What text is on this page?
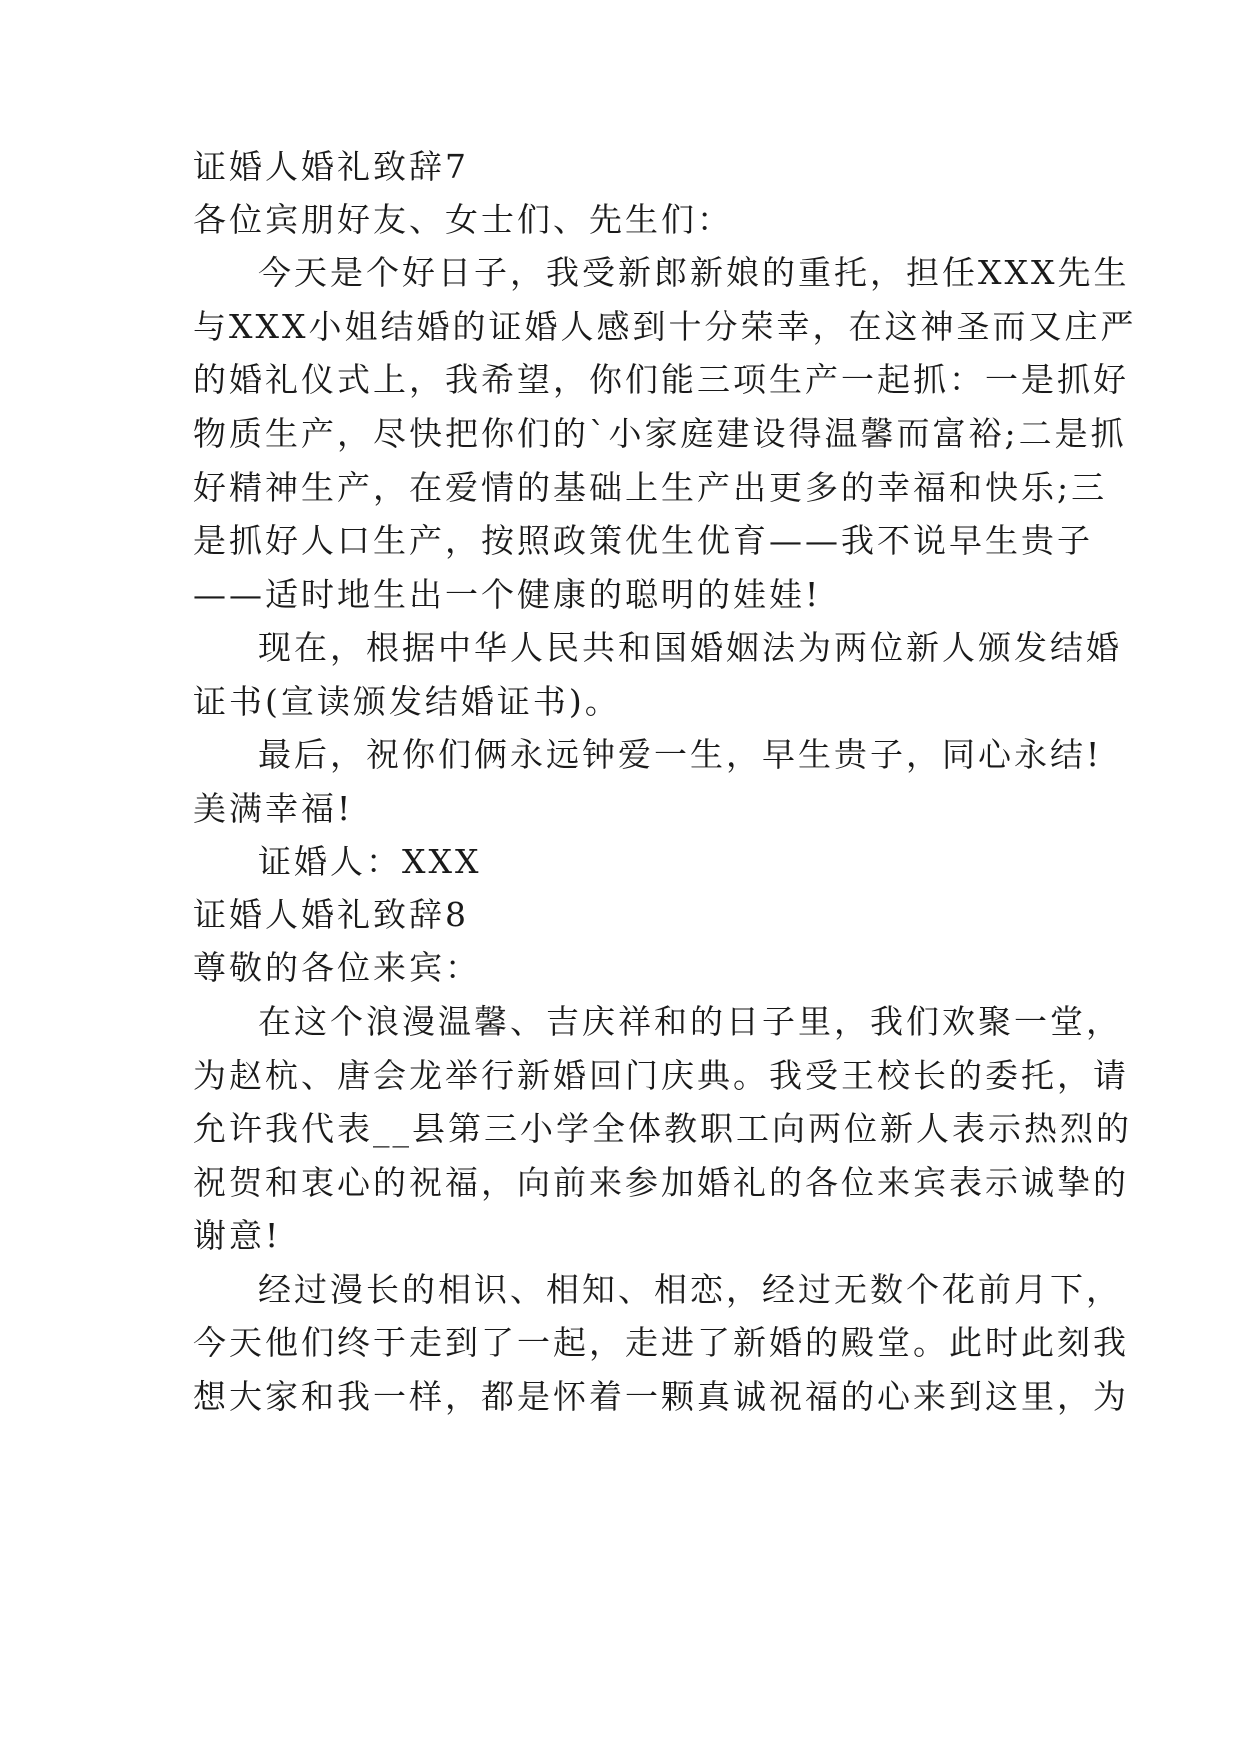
证婚人婚礼致辞7

各位宾朋好友、女士们、先生们：

今天是个好日子，我受新郎新娘的重托，担任XXX先生

与XXX小姐结婚的证婚人感到十分荣幸，在这神圣而又庄严

的婚礼仪式上，我希望，你们能三项生产一起抓：一是抓好

物质生产，尽快把你们的`小家庭建设得温馨而富裕;二是抓

好精神生产，在爱情的基础上生产出更多的幸福和快乐;三

是抓好人口生产，按照政策优生优育——我不说早生贵子

——适时地生出一个健康的聪明的娃娃!

现在，根据中华人民共和国婚姻法为两位新人颁发结婚

证书(宣读颁发结婚证书)。

最后，祝你们俩永远钟爱一生，早生贵子，同心永结!

美满幸福!

证婚人：XXX

证婚人婚礼致辞8

尊敬的各位来宾：

在这个浪漫温馨、吉庆祥和的日子里，我们欢聚一堂，

为赵杭、唐会龙举行新婚回门庆典。我受王校长的委托，请

允许我代表__县第三小学全体教职工向两位新人表示热烈的

祝贺和衷心的祝福，向前来参加婚礼的各位来宾表示诚挚的

谢意!

经过漫长的相识、相知、相恋，经过无数个花前月下，

今天他们终于走到了一起，走进了新婚的殿堂。此时此刻我

想大家和我一样，都是怀着一颗真诚祝福的心来到这里，为
